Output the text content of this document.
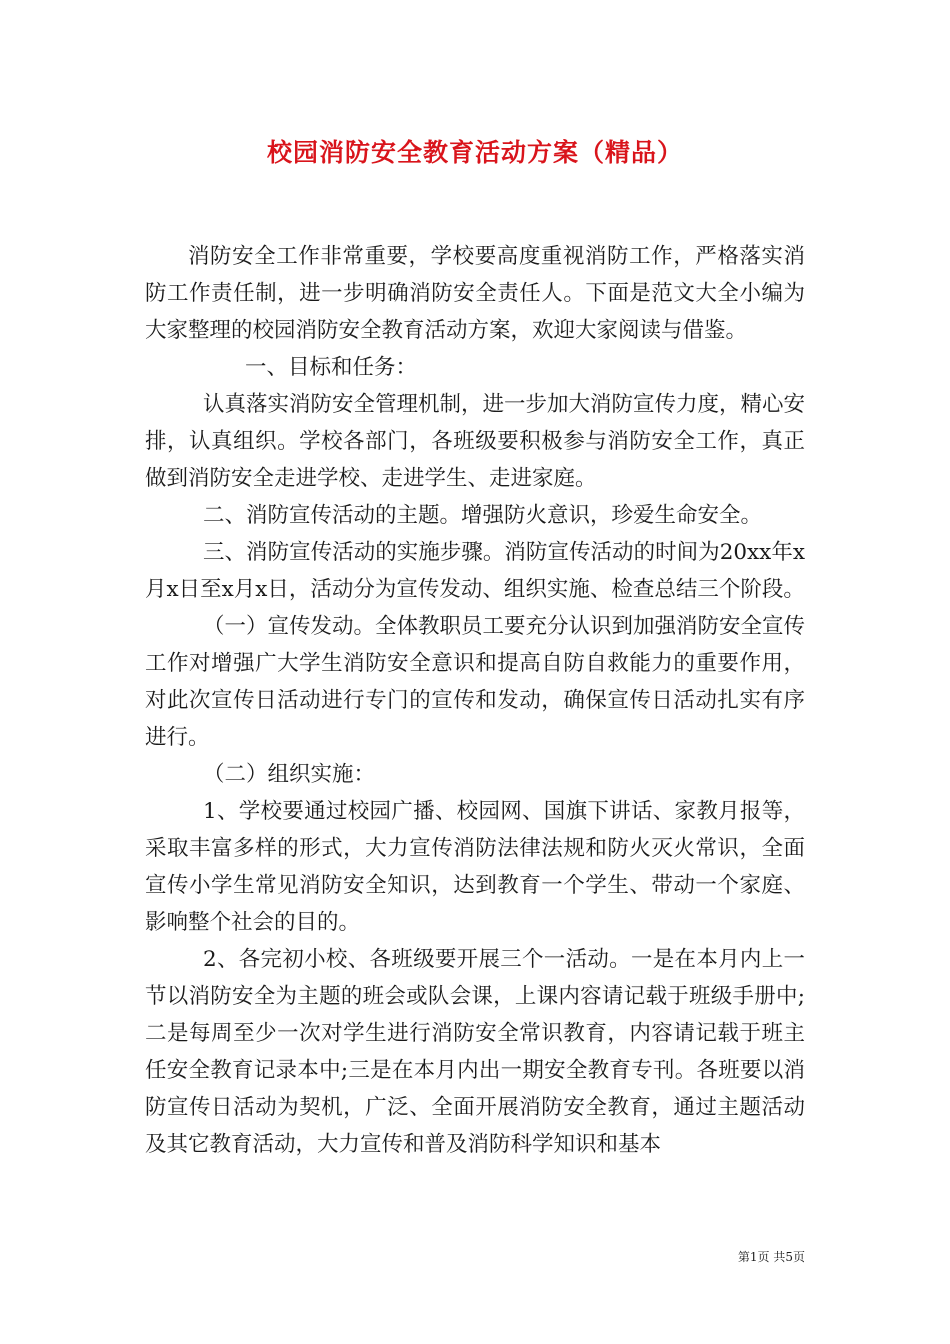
校园消防安全教育活动方案（精品）

消防安全工作非常重要，学校要高度重视消防工作，严格落实消防工作责任制，进一步明确消防安全责任人。下面是范文大全小编为大家整理的校园消防安全教育活动方案，欢迎大家阅读与借鉴。

一、目标和任务：

认真落实消防安全管理机制，进一步加大消防宣传力度，精心安排，认真组织。学校各部门，各班级要积极参与消防安全工作，真正做到消防安全走进学校、走进学生、走进家庭。

二、消防宣传活动的主题。增强防火意识，珍爱生命安全。

三、消防宣传活动的实施步骤。消防宣传活动的时间为20xx年x月x日至x月x日，活动分为宣传发动、组织实施、检查总结三个阶段。

（一）宣传发动。全体教职员工要充分认识到加强消防安全宣传工作对增强广大学生消防安全意识和提高自防自救能力的重要作用，对此次宣传日活动进行专门的宣传和发动，确保宣传日活动扎实有序进行。

（二）组织实施：

1、学校要通过校园广播、校园网、国旗下讲话、家教月报等，采取丰富多样的形式，大力宣传消防法律法规和防火灭火常识，全面宣传小学生常见消防安全知识，达到教育一个学生、带动一个家庭、影响整个社会的目的。

2、各完初小校、各班级要开展三个一活动。一是在本月内上一节以消防安全为主题的班会或队会课，上课内容请记载于班级手册中;二是每周至少一次对学生进行消防安全常识教育，内容请记载于班主任安全教育记录本中;三是在本月内出一期安全教育专刊。各班要以消防宣传日活动为契机，广泛、全面开展消防安全教育，通过主题活动及其它教育活动，大力宣传和普及消防科学知识和基本

第1页 共5页
